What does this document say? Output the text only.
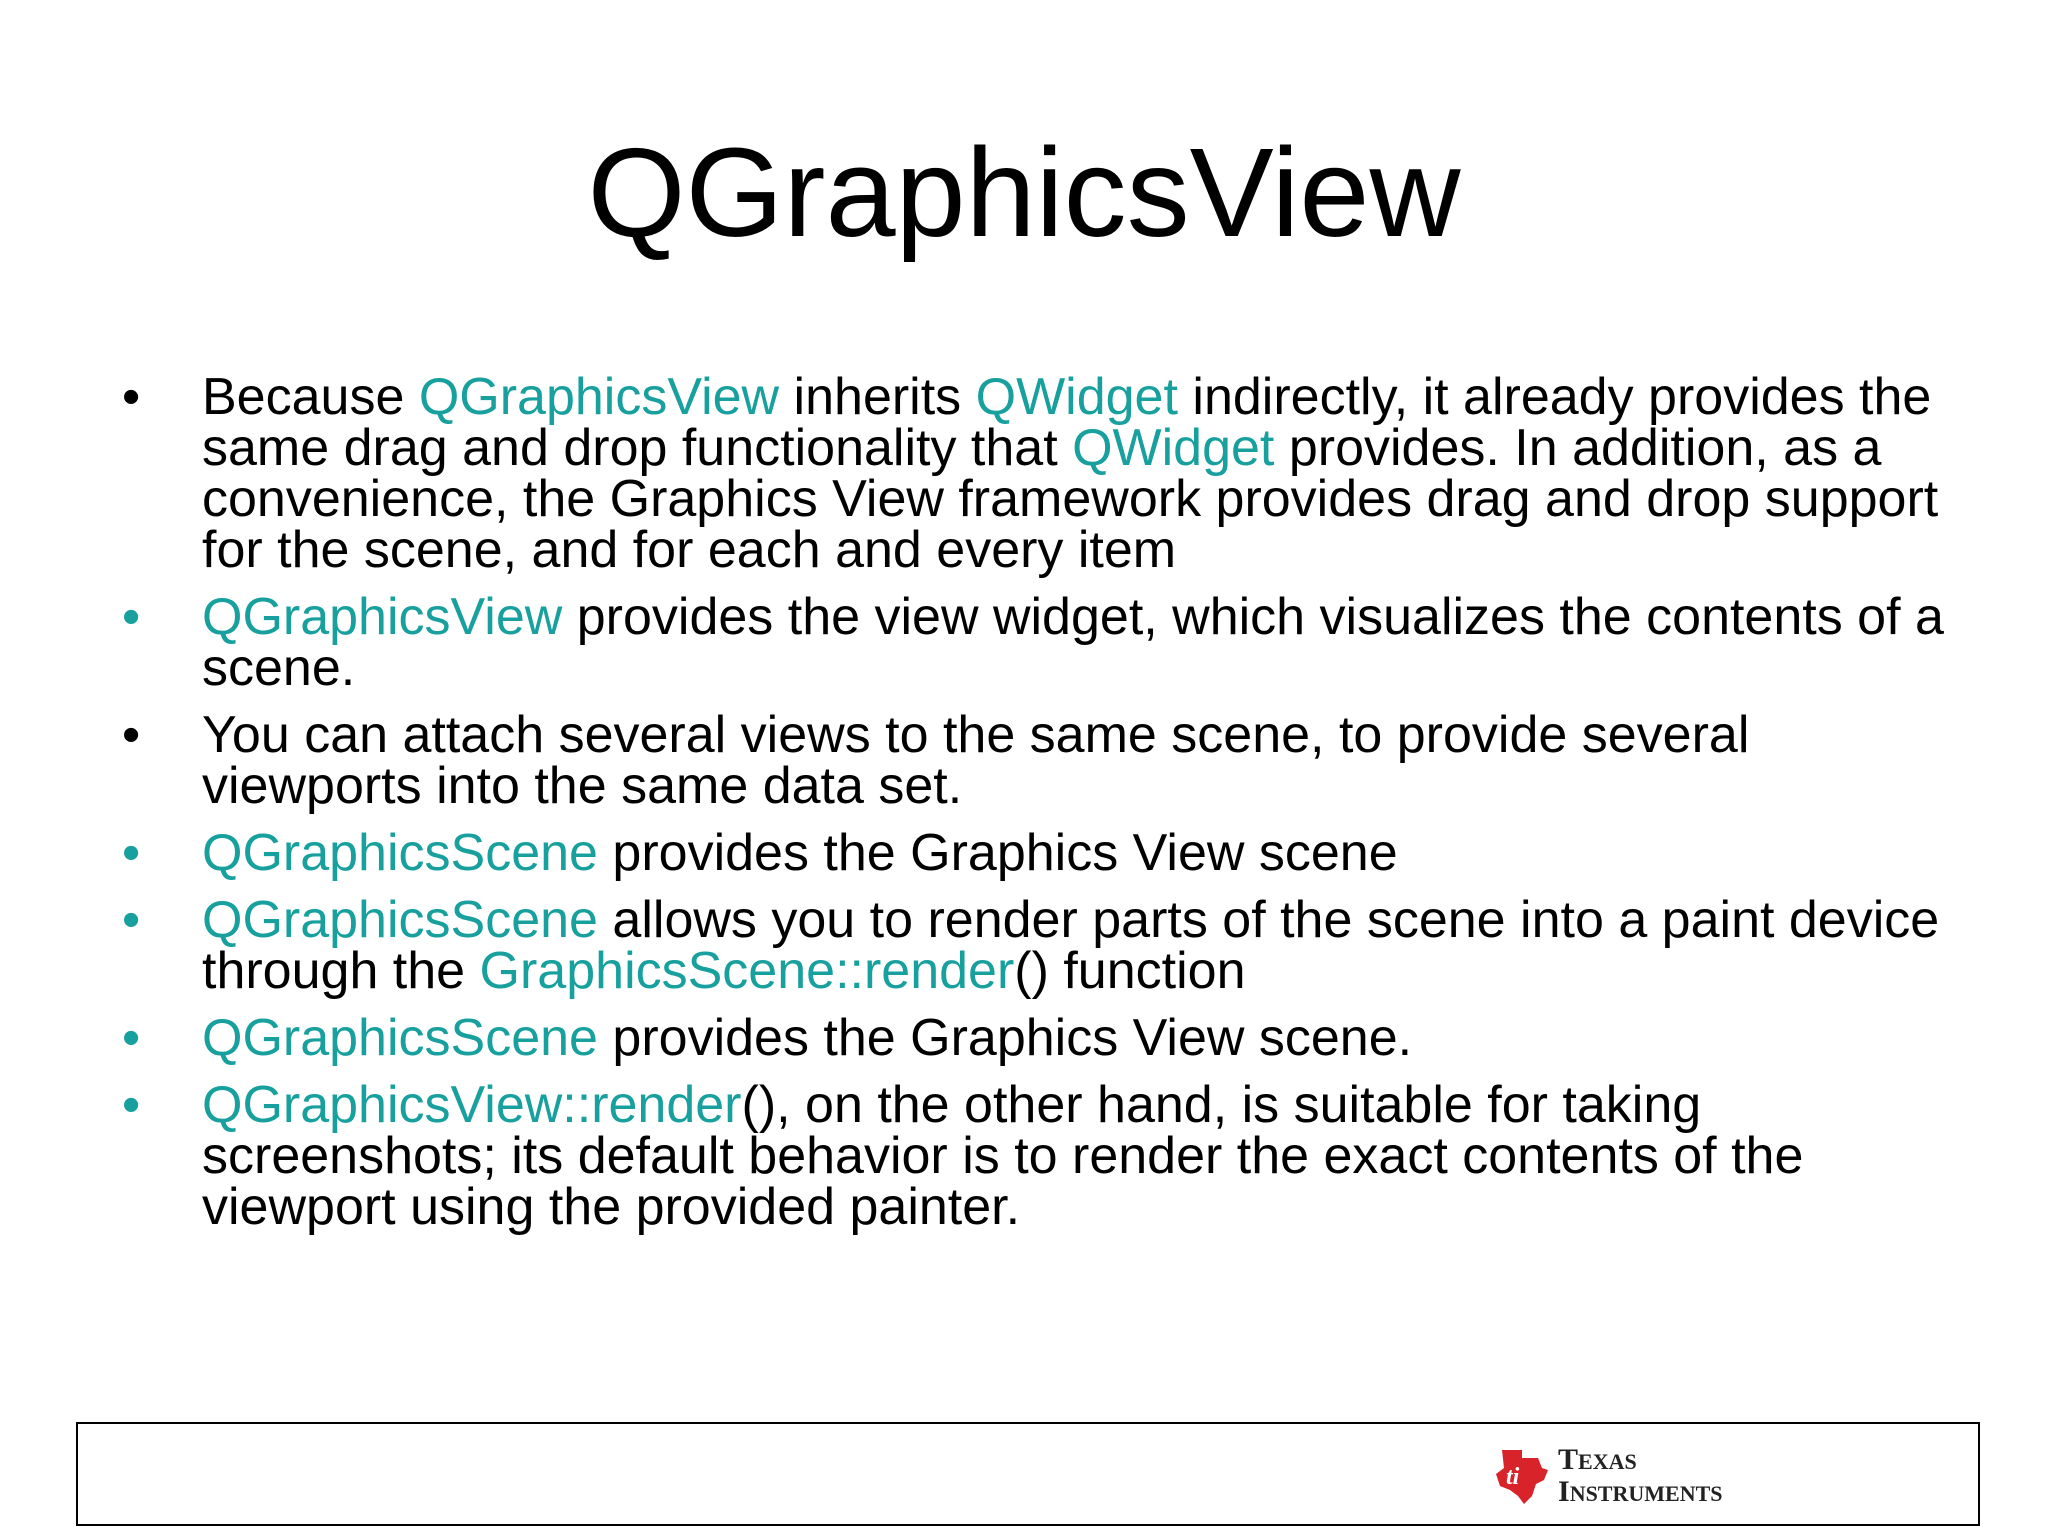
QGraphicsView
•	Because QGraphicsView inherits QWidget indirectly, it already provides the same drag and drop functionality that QWidget provides. In addition, as a convenience, the Graphics View framework provides drag and drop support for the scene, and for each and every item
•	QGraphicsView provides the view widget, which visualizes the contents of a scene.
•	You can attach several views to the same scene, to provide several viewports into the same data set.
•	QGraphicsScene provides the Graphics View scene
•	QGraphicsScene allows you to render parts of the scene into a paint device through the GraphicsScene::render() function
•	QGraphicsScene provides the Graphics View scene.
•	QGraphicsView::render(), on the other hand, is suitable for taking screenshots; its default behavior is to render the exact contents of the viewport using the provided painter.
ti
TEXAS
INSTRUMENTS
